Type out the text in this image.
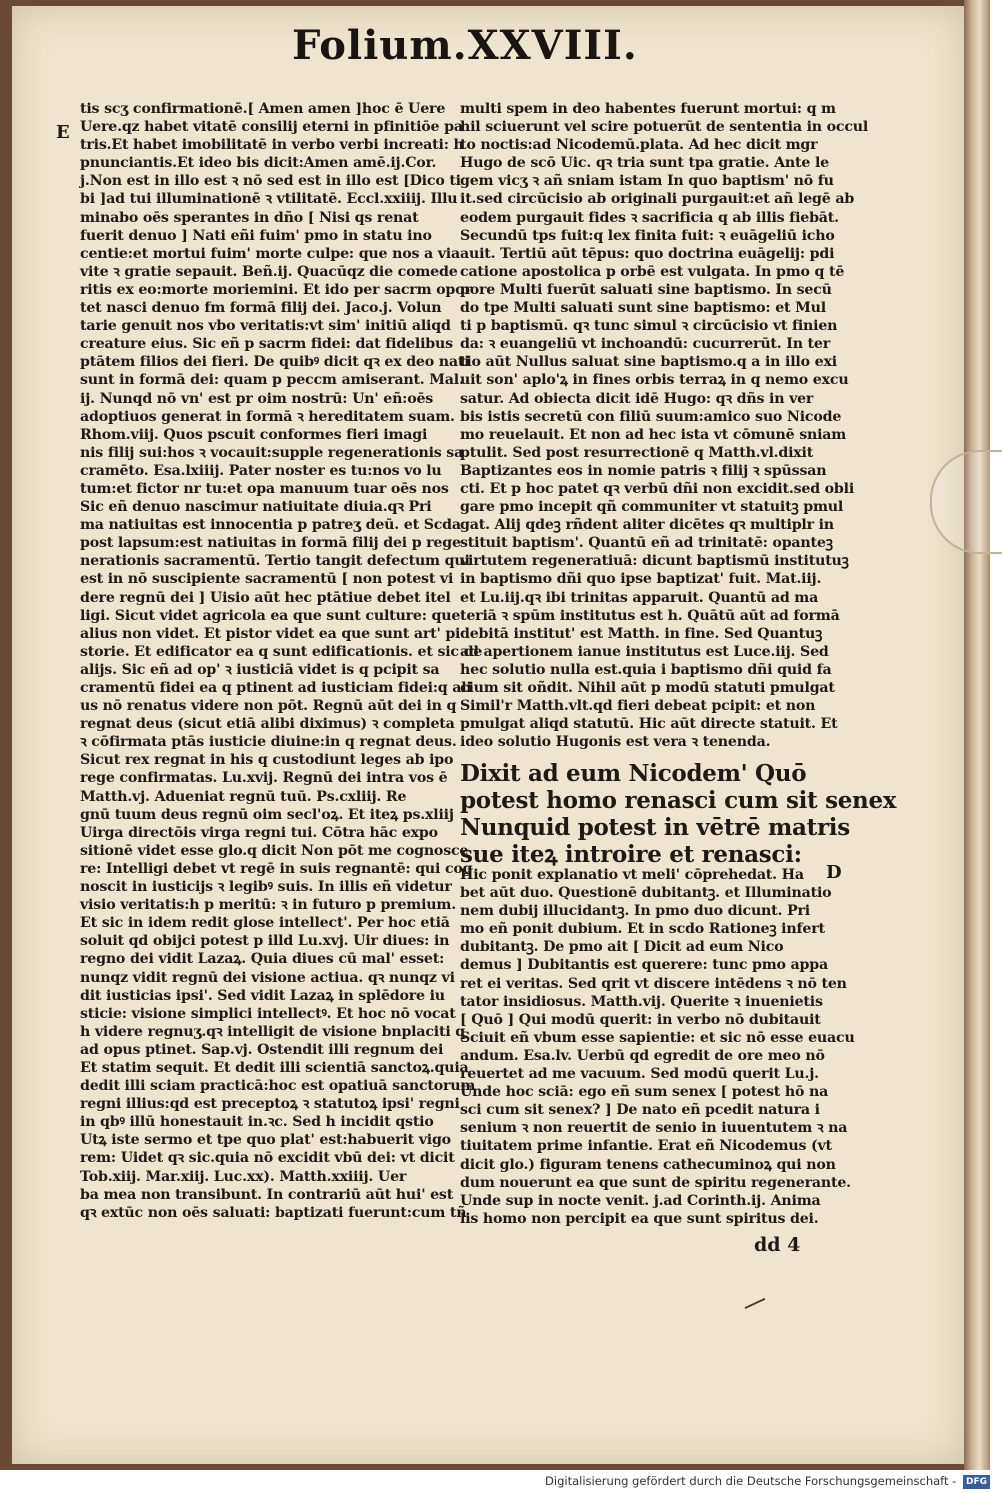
Folium.XXVIII.
E
D
tis scʒ confirmationē.[ Amen amen ]hoc ē Uere
Uere.qz habet vitatē consilij eterni in pfinitiōe pa
tris.Et habet imobilitatē in verbo verbi increati: h
pnunciantis.Et ideo bis dicit:Amen amē.ij.Cor.
j.Non est in illo est ꝛ nō sed est in illo est [Dico ti
bi ]ad tui illuminationē ꝛ vtilitatē. Eccl.xxiiij. Illu
minabo oēs sperantes in dño [ Nisi qs renat
fuerit denuo ] Nati eñi fuim' pmo in statu ino
centie:et mortui fuim' morte culpe: que nos a via
vite ꝛ gratie sepauit. Beñ.ij. Quacūqz die comede
ritis ex eo:morte moriemini. Et ido per sacrm opor
tet nasci denuo fm formā filij dei. Jaco.j. Volun
tarie genuit nos vbo veritatis:vt sim' initiū aliqd
creature eius. Sic eñ p sacrm fidei: dat fidelibus
ptātem filios dei fieri. De quibꝰ dicit qꝛ ex deo nati
sunt in formā dei: quam p peccm amiserant. Mal.
ij. Nunqd nō vn' est pr oim nostrū: Un' eñ:oēs
adoptiuos generat in formā ꝛ hereditatem suam.
Rhom.viij. Quos pscuit conformes fieri imagi
nis filij sui:hos ꝛ vocauit:supple regenerationis sa
cramēto. Esa.lxiiij. Pater noster es tu:nos vo lu
tum:et fictor nr tu:et opa manuum tuar oēs nos
Sic eñ denuo nascimur natiuitate diuia.qꝛ Pri
ma natiuitas est innocentia p patreʒ deū. et Scda
post lapsum:est natiuitas in formā filij dei p rege
nerationis sacramentū. Tertio tangit defectum qui
est in nō suscipiente sacramentū [ non potest vi
dere regnū dei ] Uisio aūt hec ptātiue debet itel
ligi. Sicut videt agricola ea que sunt culture: que
alius non videt. Et pistor videt ea que sunt art' pi
storie. Et edificator ea q sunt edificationis. et sic de
alijs. Sic eñ ad op' ꝛ iusticiā videt is q pcipit sa
cramentū fidei ea q ptinent ad iusticiam fidei:q ali
us nō renatus videre non pōt. Regnū aūt dei in q
regnat deus (sicut etiā alibi diximus) ꝛ completa
ꝛ cōfirmata ptās iusticie diuine:in q regnat deus.
Sicut rex regnat in his q custodiunt leges ab ipo
rege confirmatas. Lu.xvij. Regnū dei intra vos ē
Matth.vj. Adueniat regnū tuū. Ps.cxliij. Re
gnū tuum deus regnū oim secl'oꝝ. Et iteꝝ ps.xliij
Uirga directōis virga regni tui. Cōtra hāc expo
sitionē videt esse glo.q dicit Non pōt me cognosce
re: Intelligi debet vt regē in suis regnantē: qui cog
noscit in iusticijs ꝛ legibꝰ suis. In illis eñ videtur
visio veritatis:h p meritū: ꝛ in futuro p premium.
Et sic in idem redit glose intellect'. Per hoc etiā
soluit qd obijci potest p illd Lu.xvj. Uir diues: in
regno dei vidit Lazaꝝ. Quia diues cū mal' esset:
nunqz vidit regnū dei visione actiua. qꝛ nunqz vi
dit iusticias ipsi'. Sed vidit Lazaꝝ in splēdore iu
sticie: visione simplici intellectꝰ. Et hoc nō vocat
h videre regnuʒ.qꝛ intelligit de visione bnplaciti q
ad opus ptinet. Sap.vj. Ostendit illi regnum dei
Et statim sequit. Et dedit illi scientiā sanctoꝝ.quia
dedit illi sciam practicā:hoc est opatiuā sanctorum
regni illius:qd est preceptoꝝ ꝛ statutoꝝ ipsi' regni
in qbꝰ illū honestauit in.ꝛc. Sed h incidit qstio
Utꝝ iste sermo et tpe quo plat' est:habuerit vigo
rem: Uidet qꝛ sic.quia nō excidit vbū dei: vt dicit
Tob.xiij. Mar.xiij. Luc.xx). Matth.xxiiij. Uer
ba mea non transibunt. In contrariū aūt hui' est
qꝛ extūc non oēs saluati: baptizati fuerunt:cum tñ
multi spem in deo habentes fuerunt mortui: q m
hil sciuerunt vel scire potuerūt de sententia in occul
to noctis:ad Nicodemū.plata. Ad hec dicit mgr
Hugo de scō Uic. qꝛ tria sunt tpa gratie. Ante le
gem vicʒ ꝛ añ sniam istam In quo baptism' nō fu
it.sed circūcisio ab originali purgauit:et añ legē ab
eodem purgauit fides ꝛ sacrificia q ab illis fiebāt.
Secundū tps fuit:q lex finita fuit: ꝛ euāgeliū icho
auit. Tertiū aūt tēpus: quo doctrina euāgelij: pdi
catione apostolica p orbē est vulgata. In pmo q tē
pore Multi fuerūt saluati sine baptismo. In secū
do tpe Multi saluati sunt sine baptismo: et Mul
ti p baptismū. qꝛ tunc simul ꝛ circūcisio vt finien
da: ꝛ euangeliū vt inchoandū: cucurrerūt. In ter
tio aūt Nullus saluat sine baptismo.q a in illo exi
uit son' aplo'ꝝ in fines orbis terraꝝ in q nemo excu
satur. Ad obiecta dicit idē Hugo: qꝛ dñs in ver
bis istis secretū con filiū suum:amico suo Nicode
mo reuelauit. Et non ad hec ista vt cōmunē sniam
ptulit. Sed post resurrectionē q Matth.vl.dixit
Baptizantes eos in nomie patris ꝛ filij ꝛ spūssan
cti. Et p hoc patet qꝛ verbū dñi non excidit.sed obli
gare pmo incepit qñ communiter vt statuitꝫ pmul
gat. Alij qdeꝫ rñdent aliter dicētes qꝛ multiplr in
stituit baptism'. Quantū eñ ad trinitatē: opanteꝫ
virtutem regeneratiuā: dicunt baptismū institutuꝫ
in baptismo dñi quo ipse baptizat' fuit. Mat.iij.
et Lu.iij.qꝛ ibi trinitas apparuit. Quantū ad ma
teriā ꝛ spūm institutus est h. Quātū aūt ad formā
debitā institut' est Matth. in fine. Sed Quantuꝫ
ad apertionem ianue institutus est Luce.iij. Sed
hec solutio nulla est.quia i baptismo dñi quid fa
cium sit oñdit. Nihil aūt p modū statuti pmulgat
Simil'r Matth.vlt.qd fieri debeat pcipit: et non
pmulgat aliqd statutū. Hic aūt directe statuit. Et
ideo solutio Hugonis est vera ꝛ tenenda.
Dixit ad eum Nicodem' Quō
potest homo renasci cum sit senex
Nunquid potest in vētrē matris
sue iteꝝ introire et renasci:
Hic ponit explanatio vt meli' cōprehedat. Ha
bet aūt duo. Questionē dubitantꝫ. et Illuminatio
nem dubij illucidantꝫ. In pmo duo dicunt. Pri
mo eñ ponit dubium. Et in scdo Rationeꝫ infert
dubitantꝫ. De pmo ait [ Dicit ad eum Nico
demus ] Dubitantis est querere: tunc pmo appa
ret ei veritas. Sed qrit vt discere intēdens ꝛ nō ten
tator insidiosus. Matth.vij. Querite ꝛ inuenietis
[ Quō ] Qui modū querit: in verbo nō dubitauit
Sciuit eñ vbum esse sapientie: et sic nō esse euacu
andum. Esa.lv. Uerbū qd egredit de ore meo nō
reuertet ad me vacuum. Sed modū querit Lu.j.
Unde hoc sciā: ego eñ sum senex [ potest hō na
sci cum sit senex? ] De nato eñ pcedit natura i
senium ꝛ non reuertit de senio in iuuentutem ꝛ na
tiuitatem prime infantie. Erat eñ Nicodemus (vt
dicit glo.) figuram tenens cathecuminoꝝ qui non
dum nouerunt ea que sunt de spiritu regenerante.
Unde sup in nocte venit. j.ad Corinth.ij. Anima
lis homo non percipit ea que sunt spiritus dei.
dd 4
Digitalisierung gefördert durch die Deutsche Forschungsgemeinschaft - DFG
